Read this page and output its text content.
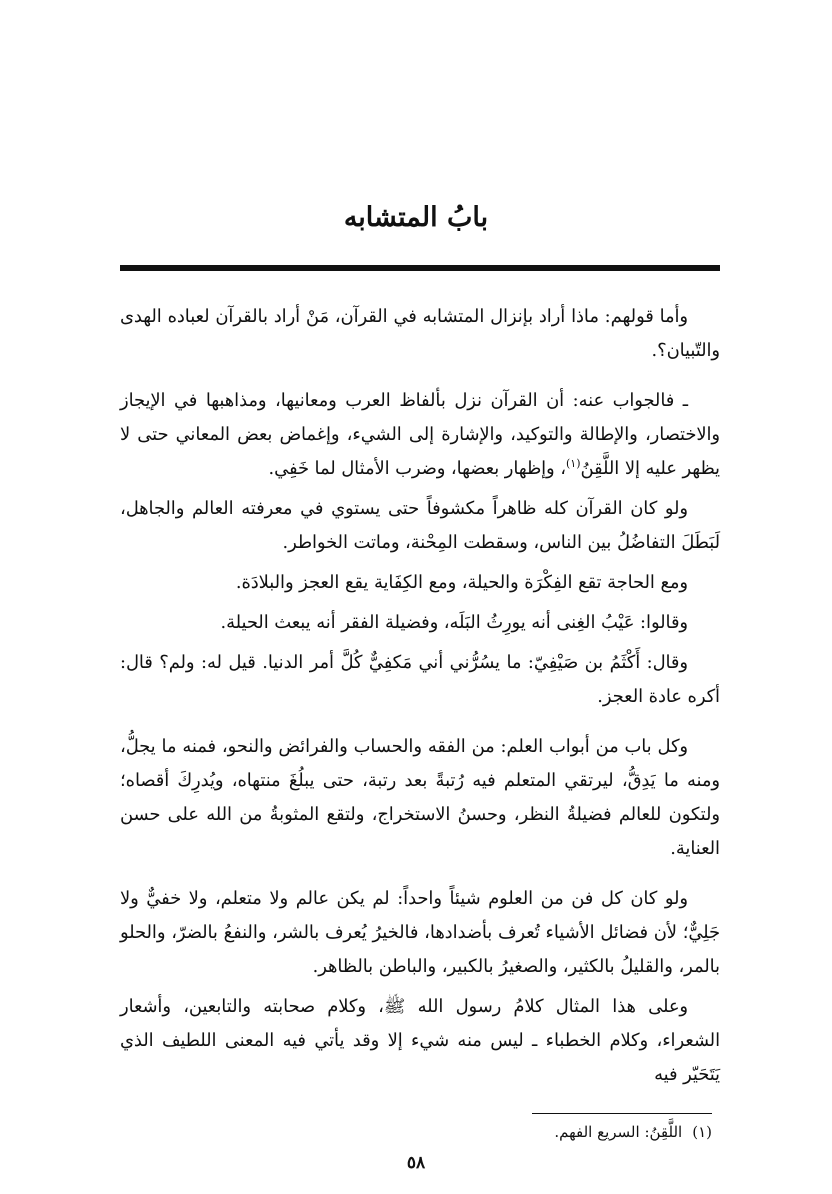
بابُ المتشابه

وأما قولهم: ماذا أراد بإنزال المتشابه في القرآن، مَنْ أراد بالقرآن لعباده الهدى والتّبيان؟.

ـ فالجواب عنه: أن القرآن نزل بألفاظ العرب ومعانيها، ومذاهبها في الإيجاز والاختصار، والإطالة والتوكيد، والإشارة إلى الشيء، وإغماض بعض المعاني حتى لا يظهر عليه إلا اللَّقِنُ$^{(١)}$، وإظهار بعضها، وضرب الأمثال لما خَفِي.

ولو كان القرآن كله ظاهراً مكشوفاً حتى يستوي في معرفته العالم والجاهل، لَبَطَلَ التفاضُلُ بين الناس، وسقطت المِحْنة، وماتت الخواطر.

ومع الحاجة تقع الفِكْرَة والحيلة، ومع الكِفَاية يقع العجز والبلادَة.

وقالوا: عَيْبُ الغِنى أنه يورِثُ البَلَه، وفضيلة الفقر أنه يبعث الحيلة.

وقال: أَكْثَمُ بن صَيْفِيّ: ما يسُرُّني أني مَكفِيٌّ كُلَّ أمر الدنيا. قيل له: ولم؟ قال: أكره عادة العجز.

وكل باب من أبواب العلم: من الفقه والحساب والفرائض والنحو، فمنه ما يجلُّ، ومنه ما يَدِقُّ، ليرتقي المتعلم فيه رُتبةً بعد رتبة، حتى يبلُغَ منتهاه، ويُدرِكَ أقصاه؛ ولتكون للعالم فضيلةُ النظر، وحسنُ الاستخراج، ولتقع المثوبةُ من الله على حسن العناية.

ولو كان كل فن من العلوم شيئاً واحداً: لم يكن عالم ولا متعلم، ولا خفيٌّ ولا جَلِيٌّ؛ لأن فضائل الأشياء تُعرف بأضدادها، فالخيرُ يُعرف بالشر، والنفعُ بالضرّ، والحلو بالمر، والقليلُ بالكثير، والصغيرُ بالكبير، والباطن بالظاهر.

وعلى هذا المثال كلامُ رسول الله ﷺ، وكلام صحابته والتابعين، وأشعار الشعراء، وكلام الخطباء ـ ليس منه شيء إلا وقد يأتي فيه المعنى اللطيف الذي يَتَحَيّر فيه

(١)اللَّقِنُ: السريع الفهم.
٥٨
